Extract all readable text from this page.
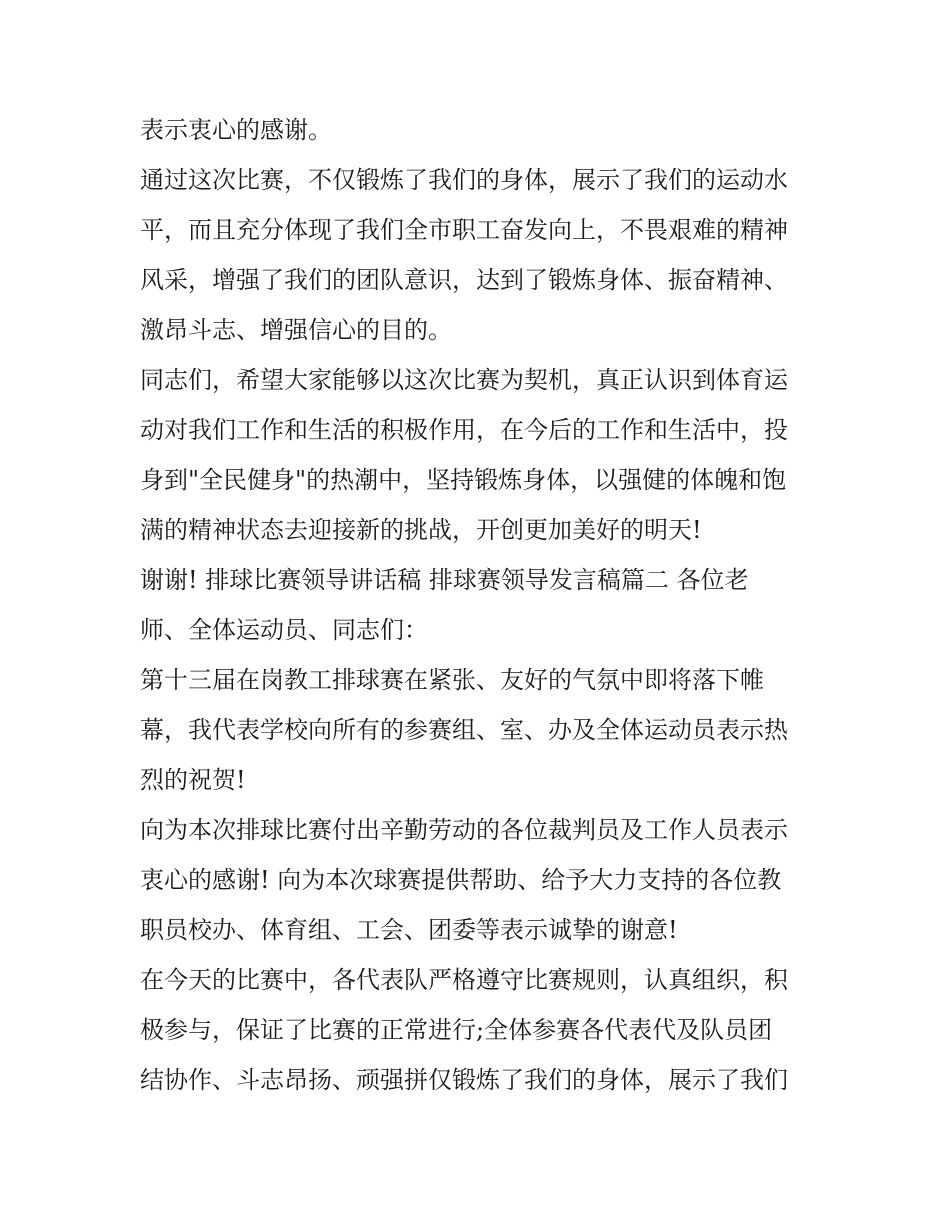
表示衷心的感谢。
通过这次比赛，不仅锻炼了我们的身体，展示了我们的运动水
平，而且充分体现了我们全市职工奋发向上，不畏艰难的精神
风采，增强了我们的团队意识，达到了锻炼身体、振奋精神、
激昂斗志、增强信心的目的。
同志们，希望大家能够以这次比赛为契机，真正认识到体育运
动对我们工作和生活的积极作用，在今后的工作和生活中，投
身到"全民健身"的热潮中，坚持锻炼身体，以强健的体魄和饱
满的精神状态去迎接新的挑战，开创更加美好的明天!
谢谢! 排球比赛领导讲话稿 排球赛领导发言稿篇二 各位老
师、全体运动员、同志们：
第十三届在岗教工排球赛在紧张、友好的气氛中即将落下帷
幕，我代表学校向所有的参赛组、室、办及全体运动员表示热
烈的祝贺!
向为本次排球比赛付出辛勤劳动的各位裁判员及工作人员表示
衷心的感谢! 向为本次球赛提供帮助、给予大力支持的各位教
职员校办、体育组、工会、团委等表示诚挚的谢意!
在今天的比赛中，各代表队严格遵守比赛规则，认真组织，积
极参与，保证了比赛的正常进行;全体参赛各代表代及队员团
结协作、斗志昂扬、顽强拼仅锻炼了我们的身体，展示了我们
